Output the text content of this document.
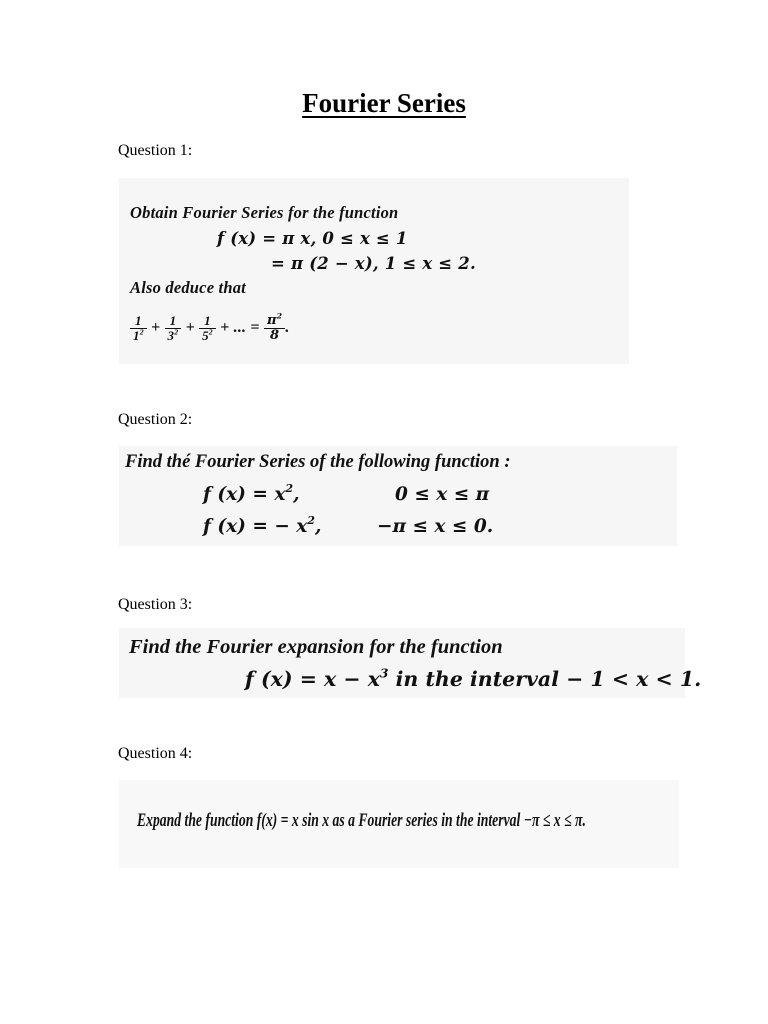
Fourier Series
Question 1:
Obtain Fourier Series for the function
f (x) = π x, 0 ≤ x ≤ 1
= π (2 − x), 1 ≤ x ≤ 2.
Also deduce that
$\frac{1}{1^2} + \frac{1}{3^2} + \frac{1}{5^2}$ + ... = $\frac{\pi^2}{8}$ .
Question 2:
Find thé Fourier Series of the following function :
f $(x) = x^2$,	0 ≤ x ≤ π
f (x) = − $x^2$,	−π ≤ x ≤ 0.
Question 3:
Find the Fourier expansion for the function
f $(x) = x - x^3$ in the interval − 1 < x < 1.
Question 4:
Expand the function f(x) = x sin x as a Fourier series in the interval −π ≤ x ≤ π.
